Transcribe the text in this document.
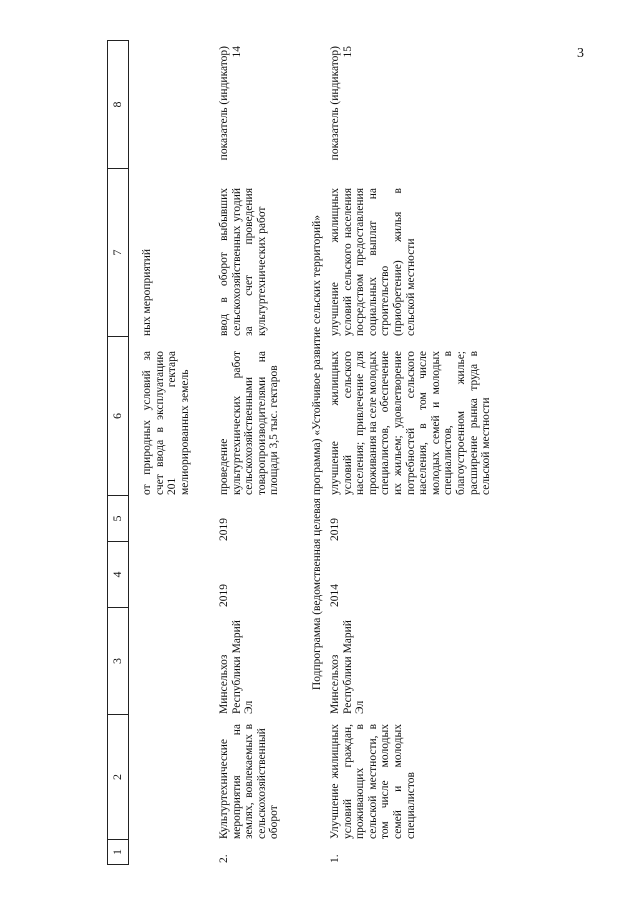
3
1
2
3
4
5
6
7
8
от природных условий за счет ввода в эксплуатацию 201 гектара мелиорированных земель
ных мероприятий
2.
Культуртехнические мероприятия на землях, вовлекаемых в сельскохозяйственный оборот
Минсельхоз Республики Марий Эл
2019
2019
проведение культуртехнических работ сельскохозяйственными товаропроизводителями на площади 3,5 тыс. гектаров
ввод в оборот выбывших сельскохозяйственных угодий за счет проведения культуртехнических работ
показатель (индикатор) 14
Подпрограмма (ведомственная целевая программа) «Устойчивое развитие сельских территорий»
1.
Улучшение жилищных условий граждан, проживающих в сельской местности, в том числе молодых семей и молодых специалистов
Минсельхоз Республики Марий Эл
2014
2019
улучшение жилищных условий сельского населения; привлечение для проживания на селе молодых специалистов, обеспечение их жильем; удовлетворение потребностей сельского населения, в том числе молодых семей и молодых специалистов, в благоустроенном жилье; расширение рынка труда в сельской местности
улучшение жилищных условий сельского населения посредством предоставления социальных выплат на строительство (приобретение) жилья в сельской местности
показатель (индикатор) 15
